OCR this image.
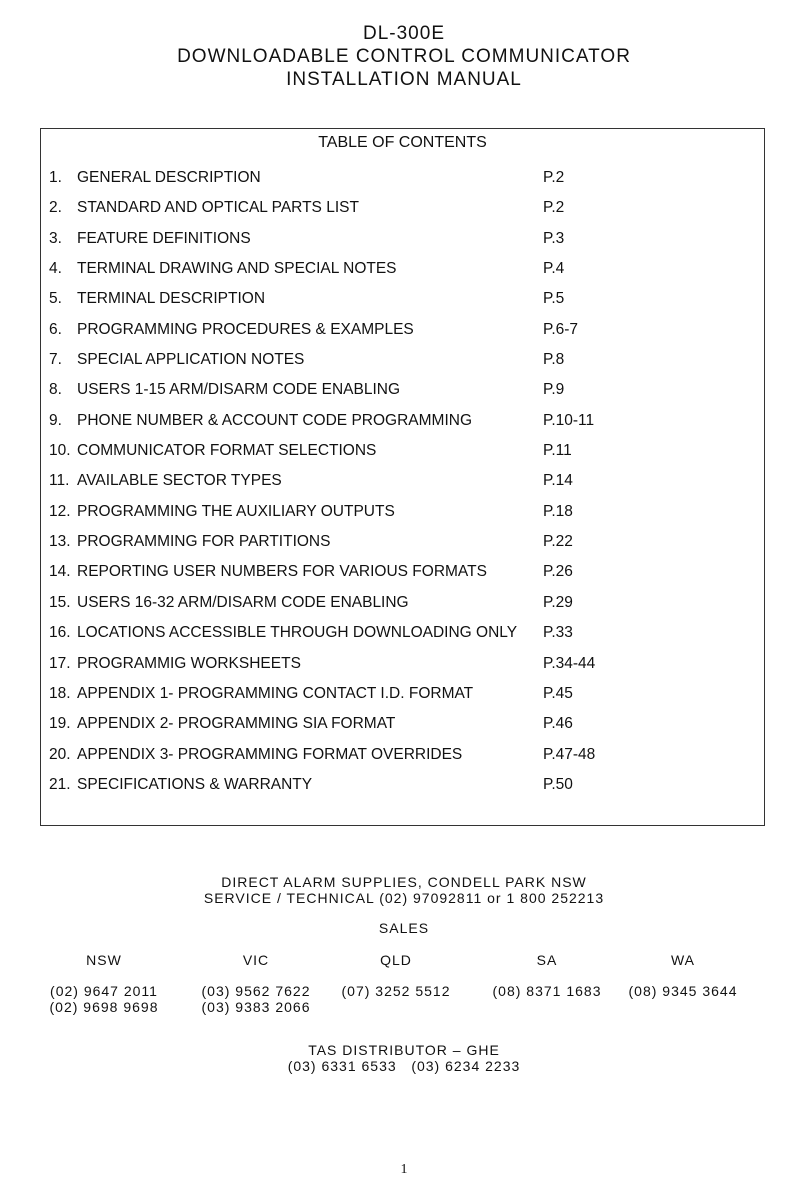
DL-300E
DOWNLOADABLE CONTROL COMMUNICATOR
INSTALLATION MANUAL
TABLE OF CONTENTS
1. GENERAL DESCRIPTION	P.2
2. STANDARD AND OPTICAL PARTS LIST	P.2
3. FEATURE DEFINITIONS	P.3
4. TERMINAL DRAWING AND SPECIAL NOTES	P.4
5. TERMINAL DESCRIPTION	P.5
6. PROGRAMMING PROCEDURES & EXAMPLES	P.6-7
7. SPECIAL APPLICATION NOTES	P.8
8. USERS 1-15 ARM/DISARM CODE ENABLING	P.9
9. PHONE NUMBER & ACCOUNT CODE PROGRAMMING	P.10-11
10. COMMUNICATOR FORMAT SELECTIONS	P.11
11. AVAILABLE SECTOR TYPES	P.14
12. PROGRAMMING THE AUXILIARY OUTPUTS	P.18
13. PROGRAMMING FOR PARTITIONS	P.22
14. REPORTING USER NUMBERS FOR VARIOUS FORMATS	P.26
15. USERS 16-32 ARM/DISARM CODE ENABLING	P.29
16. LOCATIONS ACCESSIBLE THROUGH DOWNLOADING ONLY P.33
17. PROGRAMMIG WORKSHEETS	P.34-44
18. APPENDIX 1- PROGRAMMING CONTACT I.D. FORMAT	P.45
19. APPENDIX 2- PROGRAMMING SIA FORMAT	P.46
20. APPENDIX 3- PROGRAMMING FORMAT OVERRIDES	P.47-48
21. SPECIFICATIONS & WARRANTY	P.50
DIRECT ALARM SUPPLIES, CONDELL PARK NSW
SERVICE / TECHNICAL (02) 97092811 or 1 800 252213
SALES
NSW
(02) 9647 2011
(02) 9698 9698
VIC
(03) 9562 7622
(03) 9383 2066
QLD
(07) 3252 5512
SA
(08) 8371 1683
WA
(08) 9345 3644
TAS DISTRIBUTOR – GHE
(03) 6331 6533   (03) 6234 2233
1
